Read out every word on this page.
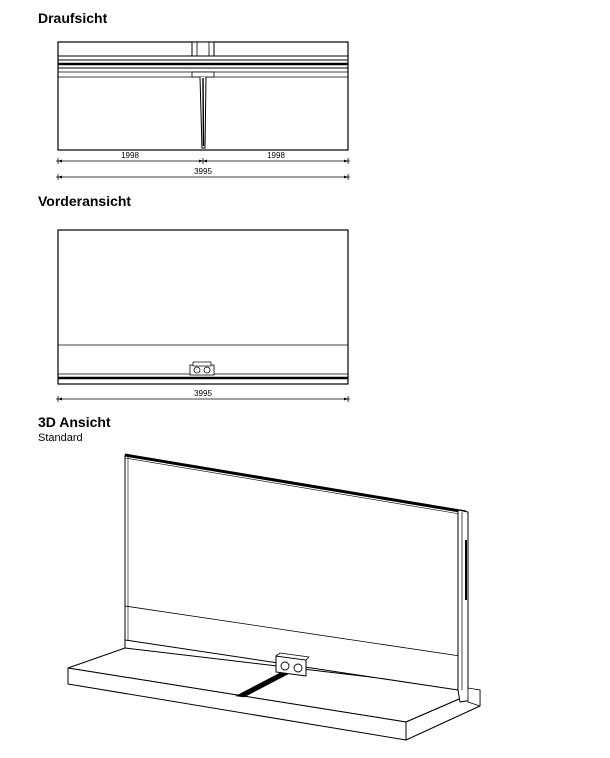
Draufsicht
Vorderansicht
3D Ansicht

Standard

1998	1998
3995
3995
